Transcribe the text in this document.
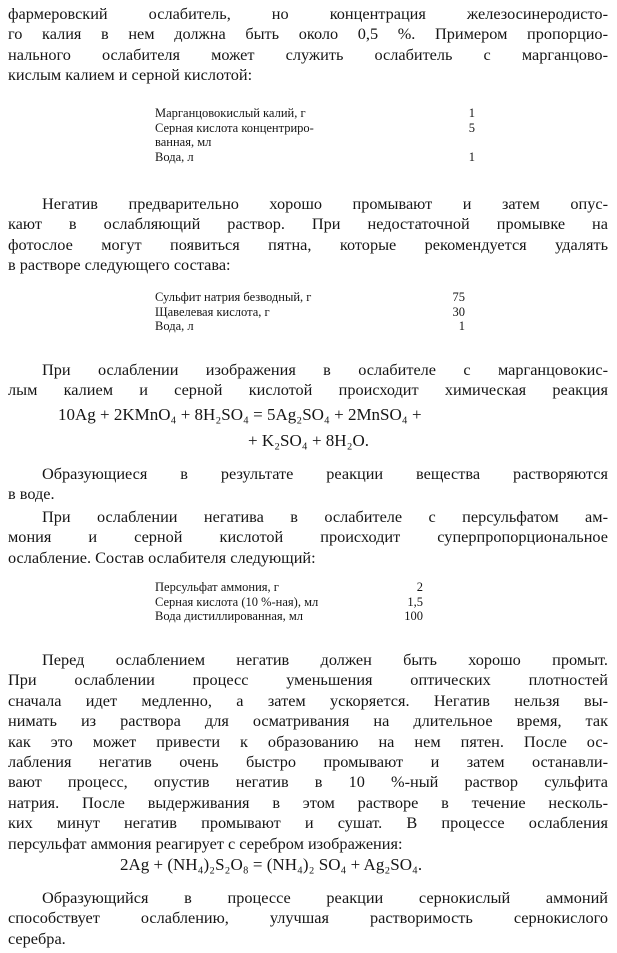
фармеровский ослабитель, но концентрация железосинеродисто-
го калия в нем должна быть около 0,5 %. Примером пропорцио-
нального ослабителя может служить ослабитель с марганцово-
кислым калием и серной кислотой:
Марганцовокислый калий, г	1
Серная кислота концентриро-	5
ванная, мл	
Вода, л	1
Негатив предварительно хорошо промывают и затем опус-
кают в ослабляющий раствор. При недостаточной промывке на
фотослое могут появиться пятна, которые рекомендуется удалять
в растворе следующего состава:
Сульфит натрия безводный, г	75
Щавелевая кислота, г	30
Вода, л	1
При ослаблении изображения в ослабителе с марганцовокис-
лым калием и серной кислотой происходит химическая реакция
10Ag + 2KMnO₄ + 8H₂SO₄ = 5Ag₂SO₄ + 2MnSO₄ +
+ K₂SO₄ + 8H₂O.
Образующиеся в результате реакции вещества растворяются
в воде.
При ослаблении негатива в ослабителе с персульфатом ам-
мония и серной кислотой происходит суперпропорциональное
ослабление. Состав ослабителя следующий:
Персульфат аммония, г	2
Серная кислота (10 %-ная), мл	1,5
Вода дистиллированная, мл	100
Перед ослаблением негатив должен быть хорошо промыт.
При ослаблении процесс уменьшения оптических плотностей
сначала идет медленно, а затем ускоряется. Негатив нельзя вы-
нимать из раствора для осматривания на длительное время, так
как это может привести к образованию на нем пятен. После ос-
лабления негатив очень быстро промывают и затем останавли-
вают процесс, опустив негатив в 10 %-ный раствор сульфита
натрия. После выдерживания в этом растворе в течение несколь-
ких минут негатив промывают и сушат. В процессе ослабления
персульфат аммония реагирует с серебром изображения:
2Ag + (NH₄)₂S₂O₈ = (NH₄)₂ SO₄ + Ag₂SO₄.
Образующийся в процессе реакции сернокислый аммоний
способствует ослаблению, улучшая растворимость сернокислого
серебра.
